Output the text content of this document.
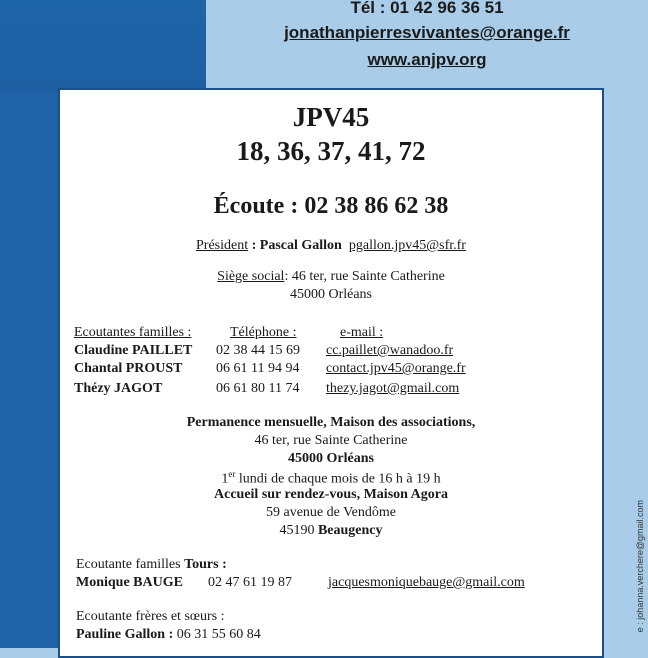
Tél : 01 42 96 36 51
jonathanpierresvivantes@orange.fr
www.anjpv.org
JPV45
18, 36, 37, 41, 72
Écoute : 02 38 86 62 38
Président : Pascal Gallon pgallon.jpv45@sfr.fr
Siège social: 46 ter, rue Sainte Catherine
45000 Orléans
Ecoutantes familles :	Téléphone :	e-mail :
Claudine PAILLET 02 38 44 15 69 cc.paillet@wanadoo.fr
Chantal PROUST 06 61 11 94 94 contact.jpv45@orange.fr
Thézy JAGOT	06 61 80 11 74 thezy.jagot@gmail.com
Permanence mensuelle, Maison des associations,
46 ter, rue Sainte Catherine
45000 Orléans
1er lundi de chaque mois de 16 h à 19 h
Accueil sur rendez-vous, Maison Agora
59 avenue de Vendôme
45190 Beaugency
Ecoutante familles Tours :
Monique BAUGE 02 47 61 19 87	jacquesmoniquebauge@gmail.com
Ecoutante frères et sœurs :
Pauline Gallon : 06 31 55 60 84
e : johanna.verchere@gmail.com
